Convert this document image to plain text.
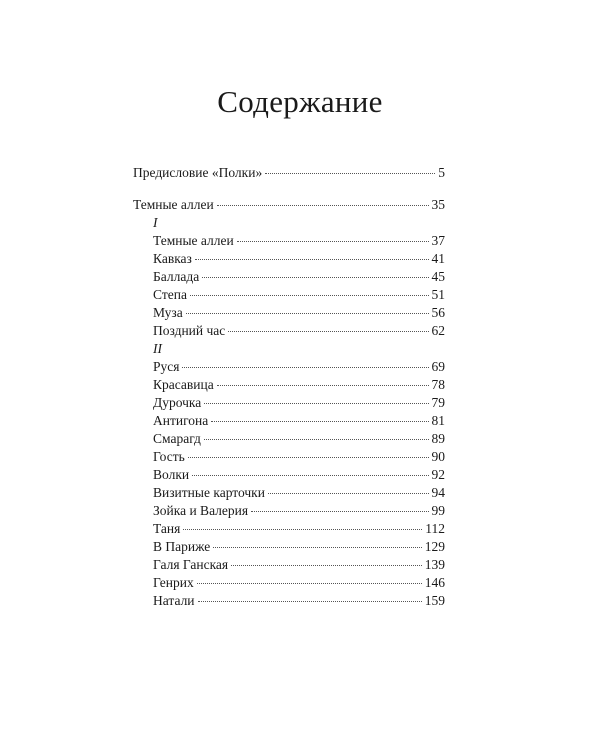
Содержание
Предисловие «Полки»	5
Темные аллеи	35
I
Темные аллеи	37
Кавказ	41
Баллада	45
Степа	51
Муза	56
Поздний час	62
II
Руся	69
Красавица	78
Дурочка	79
Антигона	81
Смарагд	89
Гость	90
Волки	92
Визитные карточки	94
Зойка и Валерия	99
Таня	112
В Париже	129
Галя Ганская	139
Генрих	146
Натали	159
